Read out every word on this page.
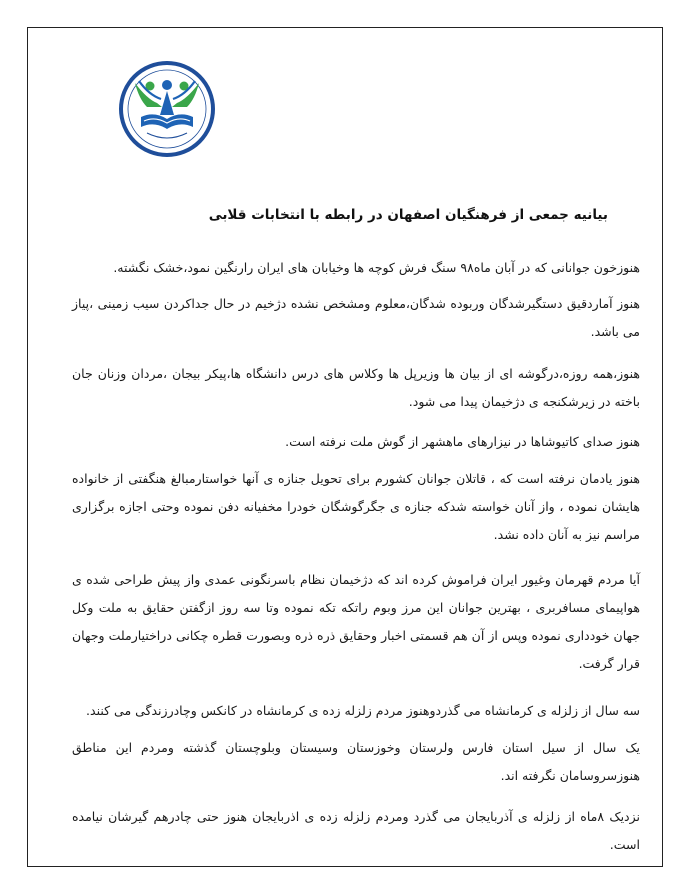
بیانیه جمعی از فرهنگیان اصفهان در رابطه با انتخابات قلابی

هنوزخون جوانانی که در آبان ماه۹۸ سنگ فرش کوچه ها وخیابان های ایران رارنگین نمود،خشک نگشته.

هنوز آماردقیق دستگیرشدگان وربوده شدگان،معلوم ومشخص نشده دژخیم در حال جداکردن سیب زمینی ،پیاز می باشد.

هنوز،همه روزه،درگوشه ای از بیان ها وزیرپل ها وکلاس های درس دانشگاه ها،پیکر بیجان ،مردان وزنان جان باخته در زیرشکنجه ی دژخیمان پیدا می شود.

هنوز صدای کاتیوشاها در نیزارهای ماهشهر از گوش ملت نرفته است.

هنوز یادمان نرفته است که ، قاتلان جوانان کشورم برای تحویل جنازه ی آنها خواستارمبالغ هنگفتی از خانواده هایشان نموده ، واز آنان خواسته شدکه جنازه ی جگرگوشگان خودرا مخفیانه دفن نموده وحتی اجازه برگزاری مراسم نیز به آنان داده نشد.

آیا مردم قهرمان وغیور ایران فراموش کرده اند که دژخیمان نظام باسرنگونی عمدی واز پیش طراحی شده ی هواپیمای مسافربری ، بهترین جوانان این مرز وبوم راتکه تکه نموده وتا سه روز ازگفتن حقایق به ملت وکل جهان خودداری نموده وپس از آن هم قسمتی اخبار وحقایق ذره ذره وبصورت قطره چکانی دراختیارملت وجهان قرار گرفت.

سه سال از زلزله ی کرمانشاه می گذردوهنوز مردم زلزله زده ی کرمانشاه در کانکس وچادرزندگی می کنند.

یک سال از سیل استان فارس ولرستان وخوزستان وسیستان وبلوچستان گذشته ومردم این مناطق هنوزسروسامان نگرفته اند.

نزدیک ۸ماه از زلزله ی آذربایجان می گذرد ومردم زلزله زده ی اذربایجان هنوز حتی چادرهم گیرشان نیامده است.
